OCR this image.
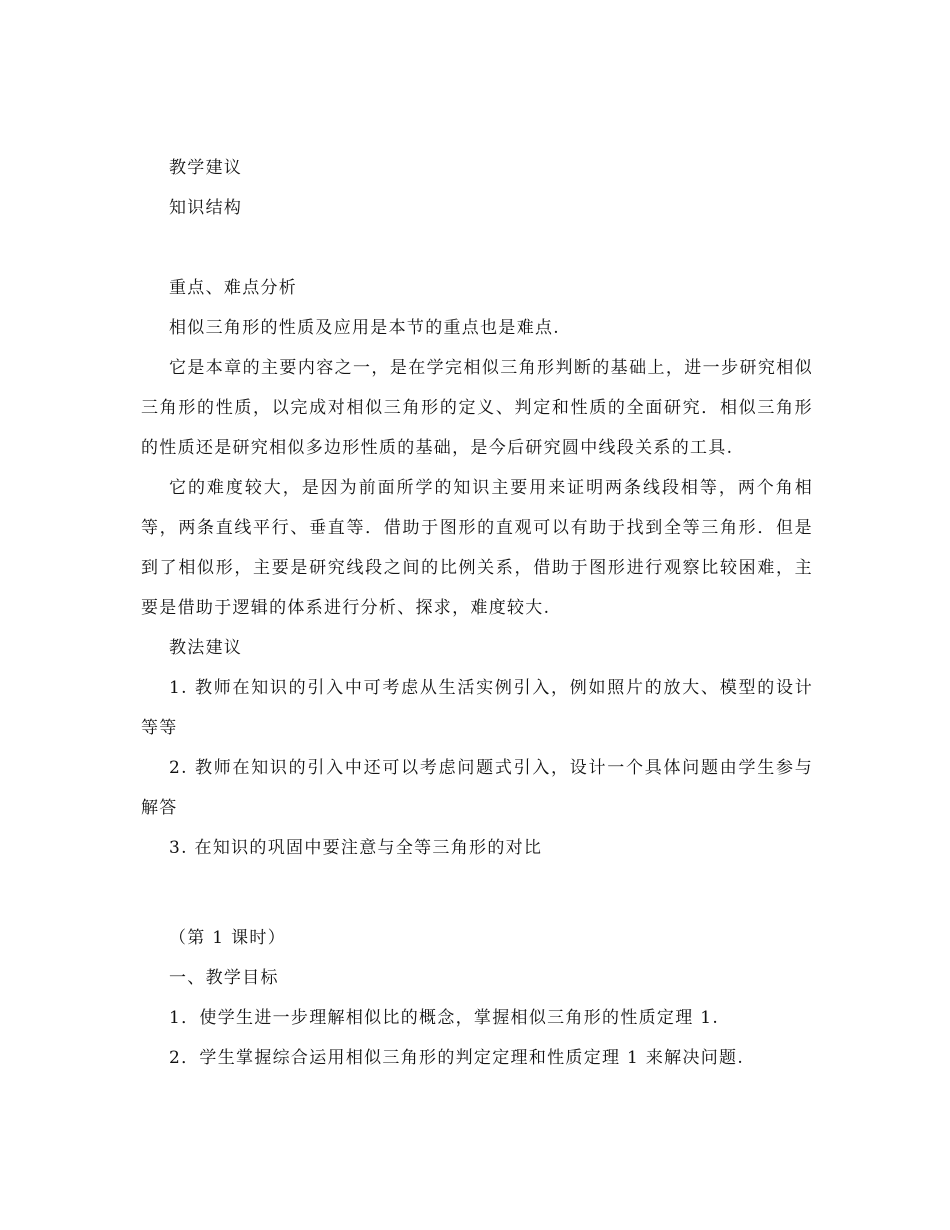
教学建议

知识结构

重点、难点分析

相似三角形的性质及应用是本节的重点也是难点.

它是本章的主要内容之一，是在学完相似三角形判断的基础上，进一步研究相似三角形的性质，以完成对相似三角形的定义、判定和性质的全面研究．相似三角形的性质还是研究相似多边形性质的基础，是今后研究圆中线段关系的工具.

它的难度较大，是因为前面所学的知识主要用来证明两条线段相等，两个角相等，两条直线平行、垂直等．借助于图形的直观可以有助于找到全等三角形．但是到了相似形，主要是研究线段之间的比例关系，借助于图形进行观察比较困难，主要是借助于逻辑的体系进行分析、探求，难度较大.

教法建议

1. 教师在知识的引入中可考虑从生活实例引入，例如照片的放大、模型的设计等等

2. 教师在知识的引入中还可以考虑问题式引入，设计一个具体问题由学生参与解答

3. 在知识的巩固中要注意与全等三角形的对比

（第 1 课时）

一、教学目标

1．使学生进一步理解相似比的概念，掌握相似三角形的性质定理 1.

2．学生掌握综合运用相似三角形的判定定理和性质定理 1 来解决问题.
